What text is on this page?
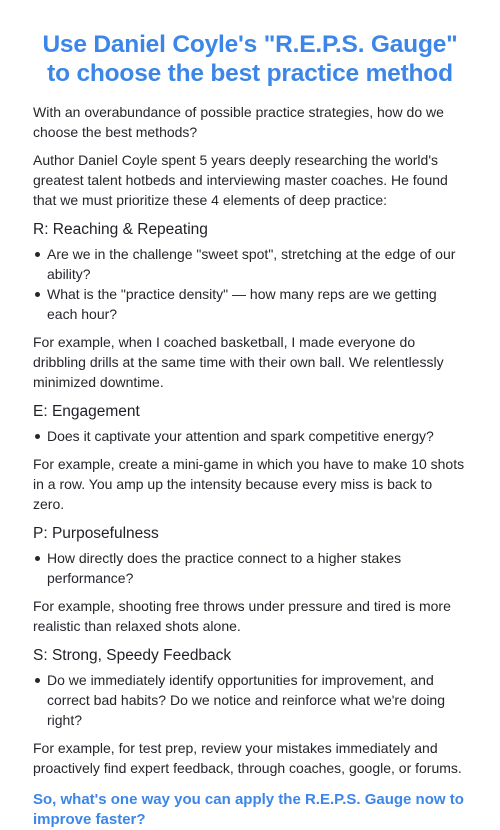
Use Daniel Coyle's "R.E.P.S. Gauge"
to choose the best practice method

With an overabundance of possible practice strategies, how do we choose the best methods?

Author Daniel Coyle spent 5 years deeply researching the world's greatest talent hotbeds and interviewing master coaches. He found that we must prioritize these 4 elements of deep practice:

R: Reaching & Repeating
Are we in the challenge "sweet spot", stretching at the edge of our ability?
What is the "practice density" — how many reps are we getting each hour?

For example, when I coached basketball, I made everyone do dribbling drills at the same time with their own ball. We relentlessly minimized downtime.

E: Engagement
Does it captivate your attention and spark competitive energy?

For example, create a mini-game in which you have to make 10 shots in a row. You amp up the intensity because every miss is back to zero.

P: Purposefulness
How directly does the practice connect to a higher stakes performance?

For example, shooting free throws under pressure and tired is more realistic than relaxed shots alone.

S: Strong, Speedy Feedback
Do we immediately identify opportunities for improvement, and correct bad habits? Do we notice and reinforce what we're doing right?

For example, for test prep, review your mistakes immediately and proactively find expert feedback, through coaches, google, or forums.

So, what's one way you can apply the R.E.P.S. Gauge now to improve faster?
